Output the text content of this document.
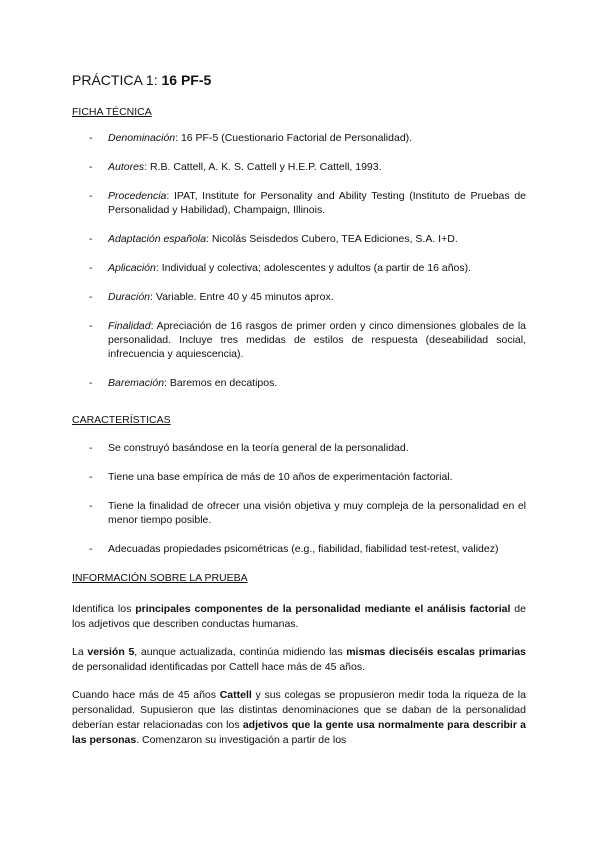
PRÁCTICA 1: 16 PF-5
FICHA TÉCNICA
- Denominación: 16 PF-5 (Cuestionario Factorial de Personalidad).
- Autores: R.B. Cattell, A. K. S. Cattell y H.E.P. Cattell, 1993.
- Procedencia: IPAT, Institute for Personality and Ability Testing (Instituto de Pruebas de Personalidad y Habilidad), Champaign, Illinois.
- Adaptación española: Nicolás Seisdedos Cubero, TEA Ediciones, S.A. I+D.
- Aplicación: Individual y colectiva; adolescentes y adultos (a partir de 16 años).
- Duración: Variable. Entre 40 y 45 minutos aprox.
- Finalidad: Apreciación de 16 rasgos de primer orden y cinco dimensiones globales de la personalidad. Incluye tres medidas de estilos de respuesta (deseabilidad social, infrecuencia y aquiescencia).
- Baremación: Baremos en decatipos.
CARACTERÍSTICAS
- Se construyó basándose en la teoría general de la personalidad.
- Tiene una base empírica de más de 10 años de experimentación factorial.
- Tiene la finalidad de ofrecer una visión objetiva y muy compleja de la personalidad en el menor tiempo posible.
- Adecuadas propiedades psicométricas (e.g., fiabilidad, fiabilidad test-retest, validez)
INFORMACIÓN SOBRE LA PRUEBA

Identifica los principales componentes de la personalidad mediante el análisis factorial de los adjetivos que describen conductas humanas.

La versión 5, aunque actualizada, continúa midiendo las mismas dieciséis escalas primarias de personalidad identificadas por Cattell hace más de 45 años.

Cuando hace más de 45 años Cattell y sus colegas se propusieron medir toda la riqueza de la personalidad. Supusieron que las distintas denominaciones que se daban de la personalidad deberían estar relacionadas con los adjetivos que la gente usa normalmente para describir a las personas. Comenzaron su investigación a partir de los
